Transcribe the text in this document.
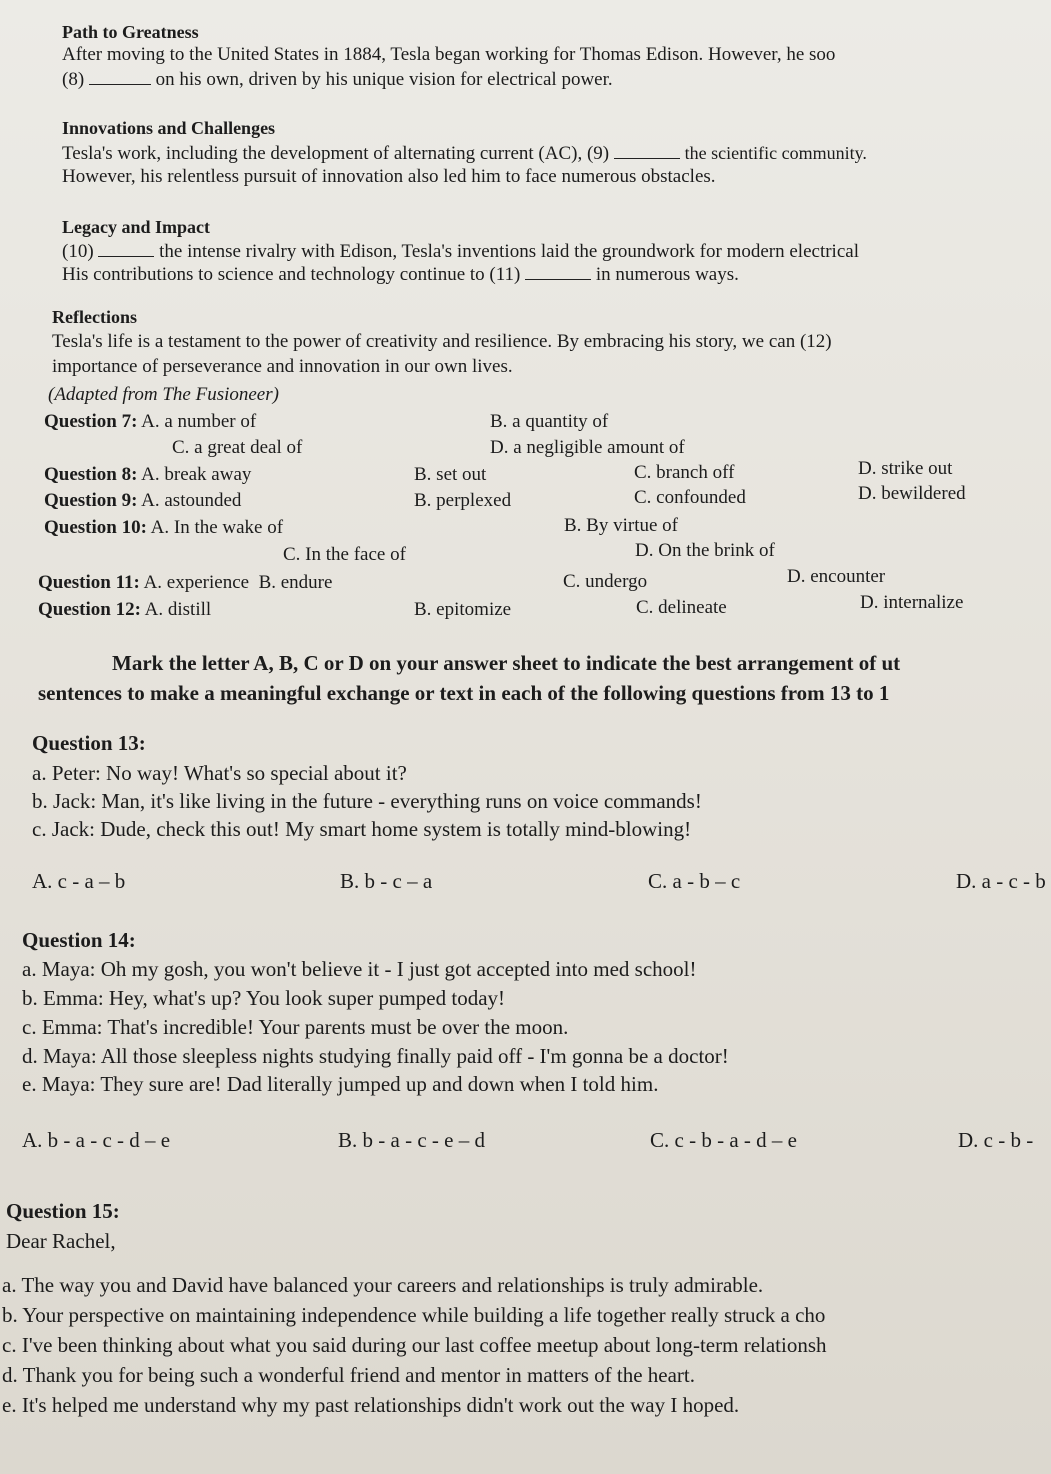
Path to Greatness
After moving to the United States in 1884, Tesla began working for Thomas Edison. However, he soo
(8)	on his own, driven by his unique vision for electrical power.
Innovations and Challenges
Tesla's work, including the development of alternating current (AC), (9)	the scientific community.
However, his relentless pursuit of innovation also led him to face numerous obstacles.
Legacy and Impact
(10)	the intense rivalry with Edison, Tesla's inventions laid the groundwork for modern electrical
His contributions to science and technology continue to (11)	in numerous ways.
Reflections
Tesla's life is a testament to the power of creativity and resilience. By embracing his story, we can (12)
importance of perseverance and innovation in our own lives.
(Adapted from The Fusioneer)
Question 7: A. a number of	B. a quantity of
C. a great deal of	D. a negligible amount of
Question 8: A. break away	B. set out	C. branch off	D. strike out
Question 9: A. astounded	B. perplexed	C. confounded	D. bewildered
Question 10: A. In the wake of	B. By virtue of
C. In the face of	D. On the brink of
Question 11: A. experience B. endure	C. undergo	D. encounter
Question 12: A. distill	B. epitomize	C. delineate	D. internalize
Mark the letter A, B, C or D on your answer sheet to indicate the best arrangement of ut
sentences to make a meaningful exchange or text in each of the following questions from 13 to 1
Question 13:
a. Peter: No way! What's so special about it?
b. Jack: Man, it's like living in the future - everything runs on voice commands!
c. Jack: Dude, check this out! My smart home system is totally mind-blowing!
A. c - a – b	B. b - c – a	C. a - b – c	D. a - c - b
Question 14:
a. Maya: Oh my gosh, you won't believe it - I just got accepted into med school!
b. Emma: Hey, what's up? You look super pumped today!
c. Emma: That's incredible! Your parents must be over the moon.
d. Maya: All those sleepless nights studying finally paid off - I'm gonna be a doctor!
e. Maya: They sure are! Dad literally jumped up and down when I told him.
A. b - a - c - d – e	B. b - a - c - e – d	C. c - b - a - d – e	D. c - b -
Question 15:
Dear Rachel,
a. The way you and David have balanced your careers and relationships is truly admirable.
b. Your perspective on maintaining independence while building a life together really struck a cho
c. I've been thinking about what you said during our last coffee meetup about long-term relationsh
d. Thank you for being such a wonderful friend and mentor in matters of the heart.
e. It's helped me understand why my past relationships didn't work out the way I hoped.
